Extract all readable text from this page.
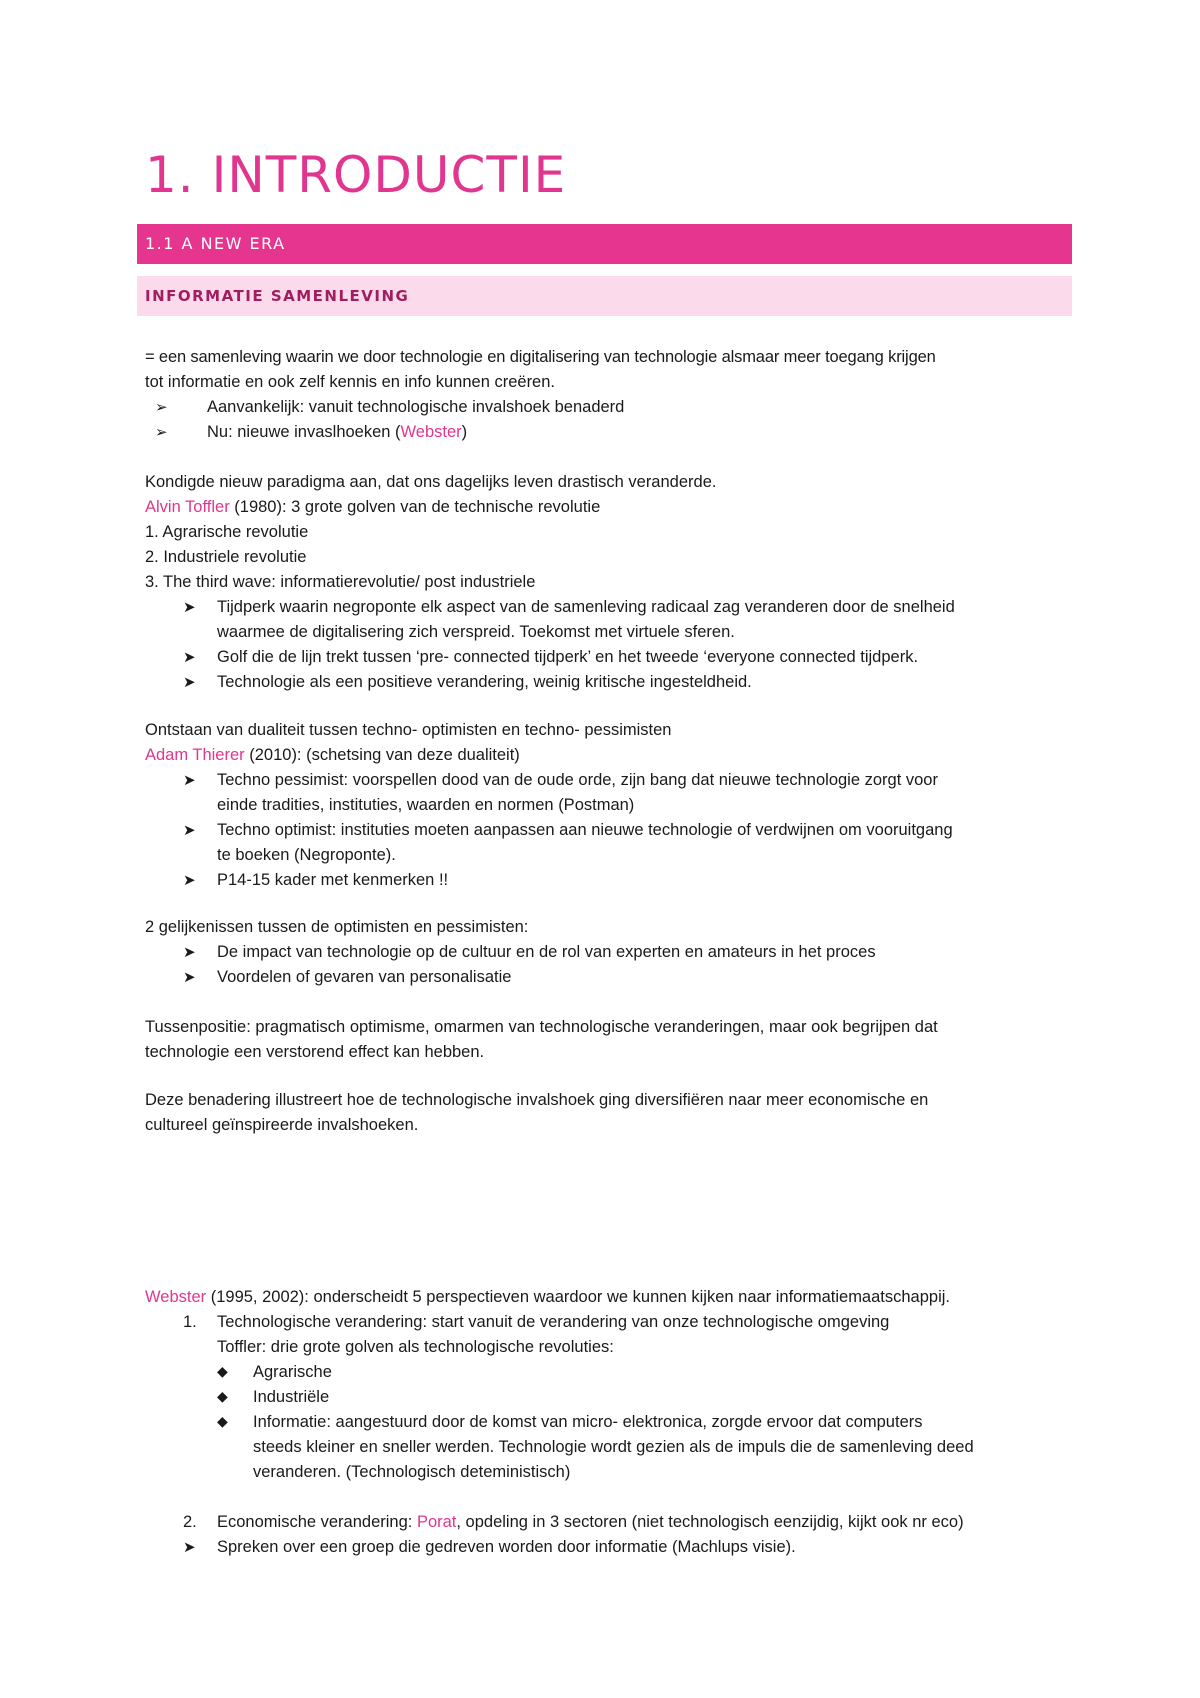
1. INTRODUCTIE
1.1 A NEW ERA
INFORMATIE SAMENLEVING
= een samenleving waarin we door technologie en digitalisering van technologie alsmaar meer toegang krijgen
tot informatie en ook zelf kennis en info kunnen creëren.
➢	Aanvankelijk: vanuit technologische invalshoek benaderd
➢	Nu: nieuwe invaslhoeken (Webster)
Kondigde nieuw paradigma aan, dat ons dagelijks leven drastisch veranderde.
Alvin Toffler (1980): 3 grote golven van de technische revolutie
1. Agrarische revolutie
2. Industriele revolutie
3. The third wave: informatierevolutie/ post industriele
➤	Tijdperk waarin negroponte elk aspect van de samenleving radicaal zag veranderen door de snelheid
waarmee de digitalisering zich verspreid. Toekomst met virtuele sferen.
➤	Golf die de lijn trekt tussen ‘pre- connected tijdperk’ en het tweede ‘everyone connected tijdperk.
➤	Technologie als een positieve verandering, weinig kritische ingesteldheid.
Ontstaan van dualiteit tussen techno- optimisten en techno- pessimisten
Adam Thierer (2010): (schetsing van deze dualiteit)
➤	Techno pessimist: voorspellen dood van de oude orde, zijn bang dat nieuwe technologie zorgt voor
einde tradities, instituties, waarden en normen (Postman)
➤	Techno optimist: instituties moeten aanpassen aan nieuwe technologie of verdwijnen om vooruitgang
te boeken (Negroponte).
➤	P14-15 kader met kenmerken !!
2 gelijkenissen tussen de optimisten en pessimisten:
➤	De impact van technologie op de cultuur en de rol van experten en amateurs in het proces
➤	Voordelen of gevaren van personalisatie
Tussenpositie: pragmatisch optimisme, omarmen van technologische veranderingen, maar ook begrijpen dat
technologie een verstorend effect kan hebben.
Deze benadering illustreert hoe de technologische invalshoek ging diversifiëren naar meer economische en
cultureel geïnspireerde invalshoeken.
Webster (1995, 2002): onderscheidt 5 perspectieven waardoor we kunnen kijken naar informatiemaatschappij.
1. Technologische verandering: start vanuit de verandering van onze technologische omgeving
Toffler: drie grote golven als technologische revoluties:
◆ Agrarische
◆ Industriële
◆ Informatie: aangestuurd door de komst van micro- elektronica, zorgde ervoor dat computers
steeds kleiner en sneller werden. Technologie wordt gezien als de impuls die de samenleving deed
veranderen. (Technologisch deteministisch)
2. Economische verandering: Porat, opdeling in 3 sectoren (niet technologisch eenzijdig, kijkt ook nr eco)
➤	Spreken over een groep die gedreven worden door informatie (Machlups visie).
